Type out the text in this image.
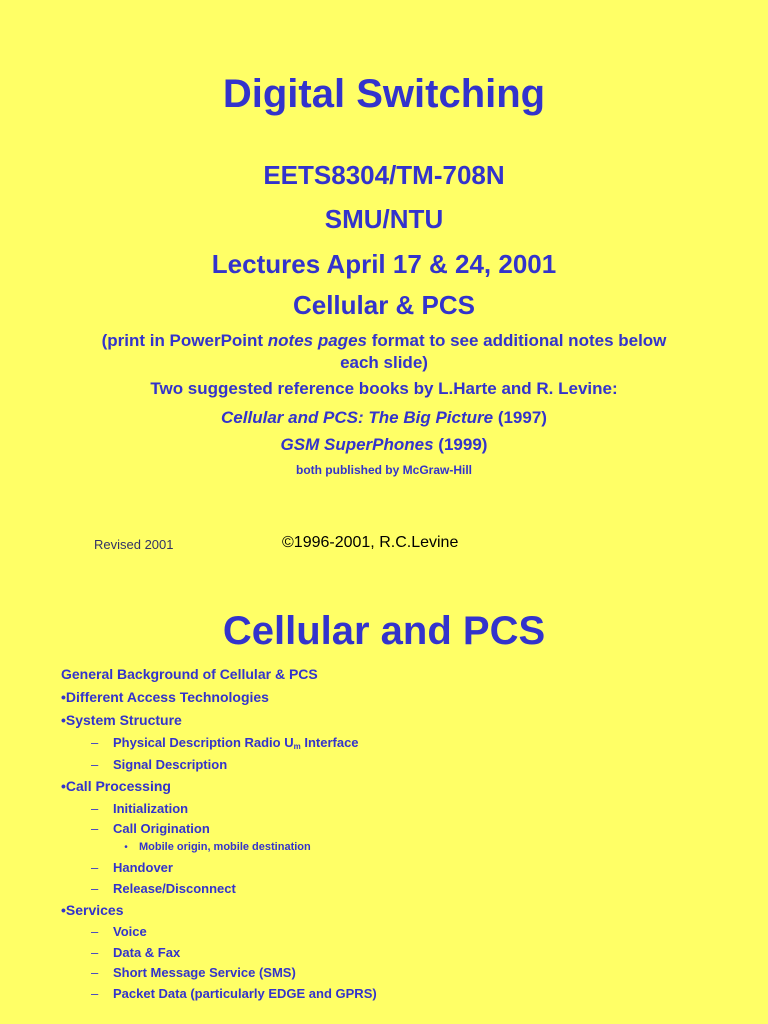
Digital Switching
EETS8304/TM-708N
SMU/NTU
Lectures April 17 & 24, 2001
Cellular & PCS
(print in PowerPoint notes pages format to see additional notes below each slide)
Two suggested reference books by L.Harte and R. Levine:
Cellular and PCS: The Big Picture (1997)
GSM SuperPhones (1999)
both published by McGraw-Hill
Revised 2001	©1996-2001, R.C.Levine
Cellular and PCS
General Background of Cellular & PCS
•Different Access Technologies
•System Structure
– Physical Description Radio $U_m$ Interface
– Signal Description
•Call Processing
– Initialization
– Call Origination
• Mobile origin, mobile destination
– Handover
– Release/Disconnect
•Services
– Voice
– Data & Fax
– Short Message Service (SMS)
– Packet Data (particularly EDGE and GPRS)
